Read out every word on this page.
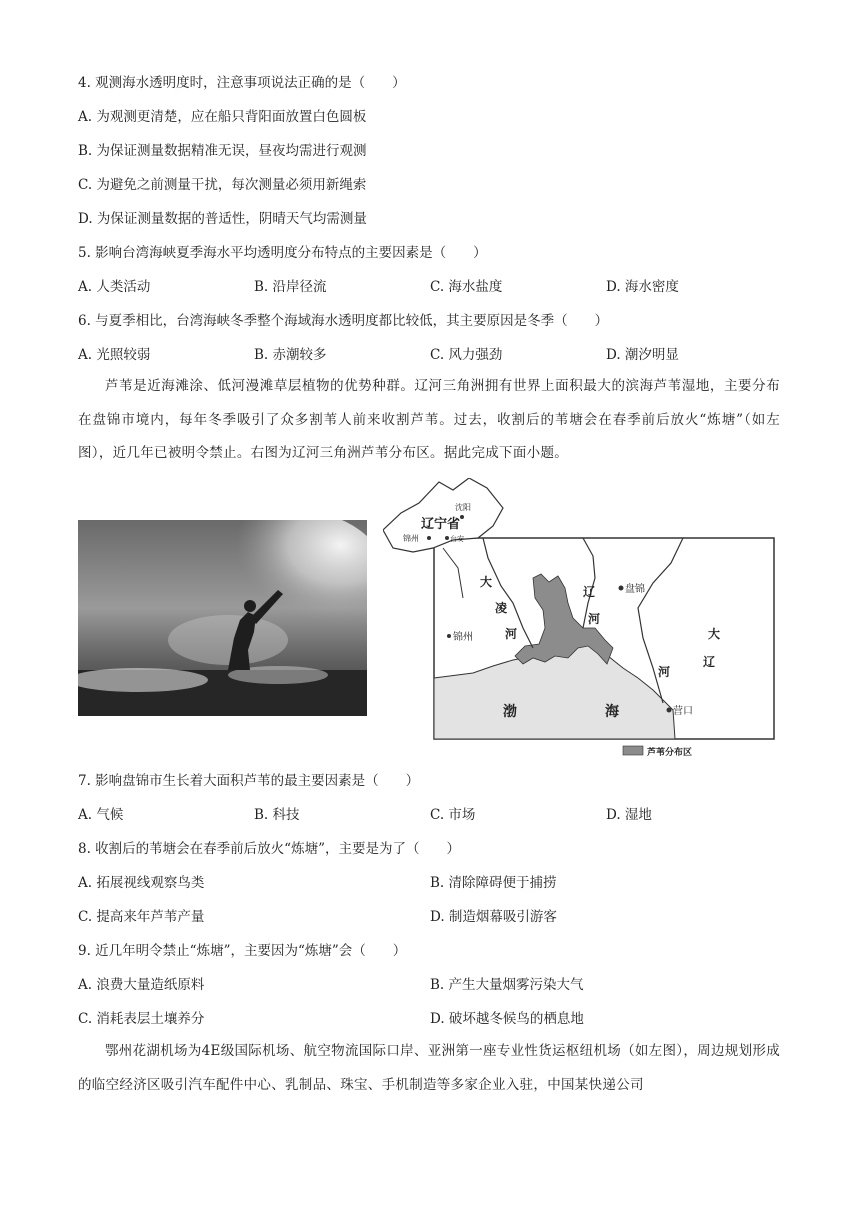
4. 观测海水透明度时，注意事项说法正确的是（　　）
A. 为观测更清楚，应在船只背阳面放置白色圆板
B. 为保证测量数据精准无误，昼夜均需进行观测
C. 为避免之前测量干扰，每次测量必须用新绳索
D. 为保证测量数据的普适性，阴晴天气均需测量
5. 影响台湾海峡夏季海水平均透明度分布特点的主要因素是（　　）
A. 人类活动	B. 沿岸径流	C. 海水盐度	D. 海水密度
6. 与夏季相比，台湾海峡冬季整个海域海水透明度都比较低，其主要原因是冬季（　　）
A. 光照较弱	B. 赤潮较多	C. 风力强劲	D. 潮汐明显
芦苇是近海滩涂、低河漫滩草层植物的优势种群。辽河三角洲拥有世界上面积最大的滨海芦苇湿地，主要分布在盘锦市境内，每年冬季吸引了众多割苇人前来收割芦苇。过去，收割后的苇塘会在春季前后放火“炼塘”（如左图），近几年已被明令禁止。右图为辽河三角洲芦苇分布区。据此完成下面小题。
沈阳
辽宁省
锦州	台安
锦州
盘锦
营口
大
凌
河
辽
河
大
辽
河
渤	海
芦苇分布区
7. 影响盘锦市生长着大面积芦苇的最主要因素是（　　）
A. 气候	B. 科技	C. 市场	D. 湿地
8. 收割后的苇塘会在春季前后放火“炼塘”，主要是为了（　　）
A. 拓展视线观察鸟类	B. 清除障碍便于捕捞
C. 提高来年芦苇产量	D. 制造烟幕吸引游客
9. 近几年明令禁止“炼塘”，主要因为“炼塘”会（　　）
A. 浪费大量造纸原料	B. 产生大量烟雾污染大气
C. 消耗表层土壤养分	D. 破坏越冬候鸟的栖息地
鄂州花湖机场为4E级国际机场、航空物流国际口岸、亚洲第一座专业性货运枢纽机场（如左图），周边规划形成的临空经济区吸引汽车配件中心、乳制品、珠宝、手机制造等多家企业入驻，中国某快递公司
